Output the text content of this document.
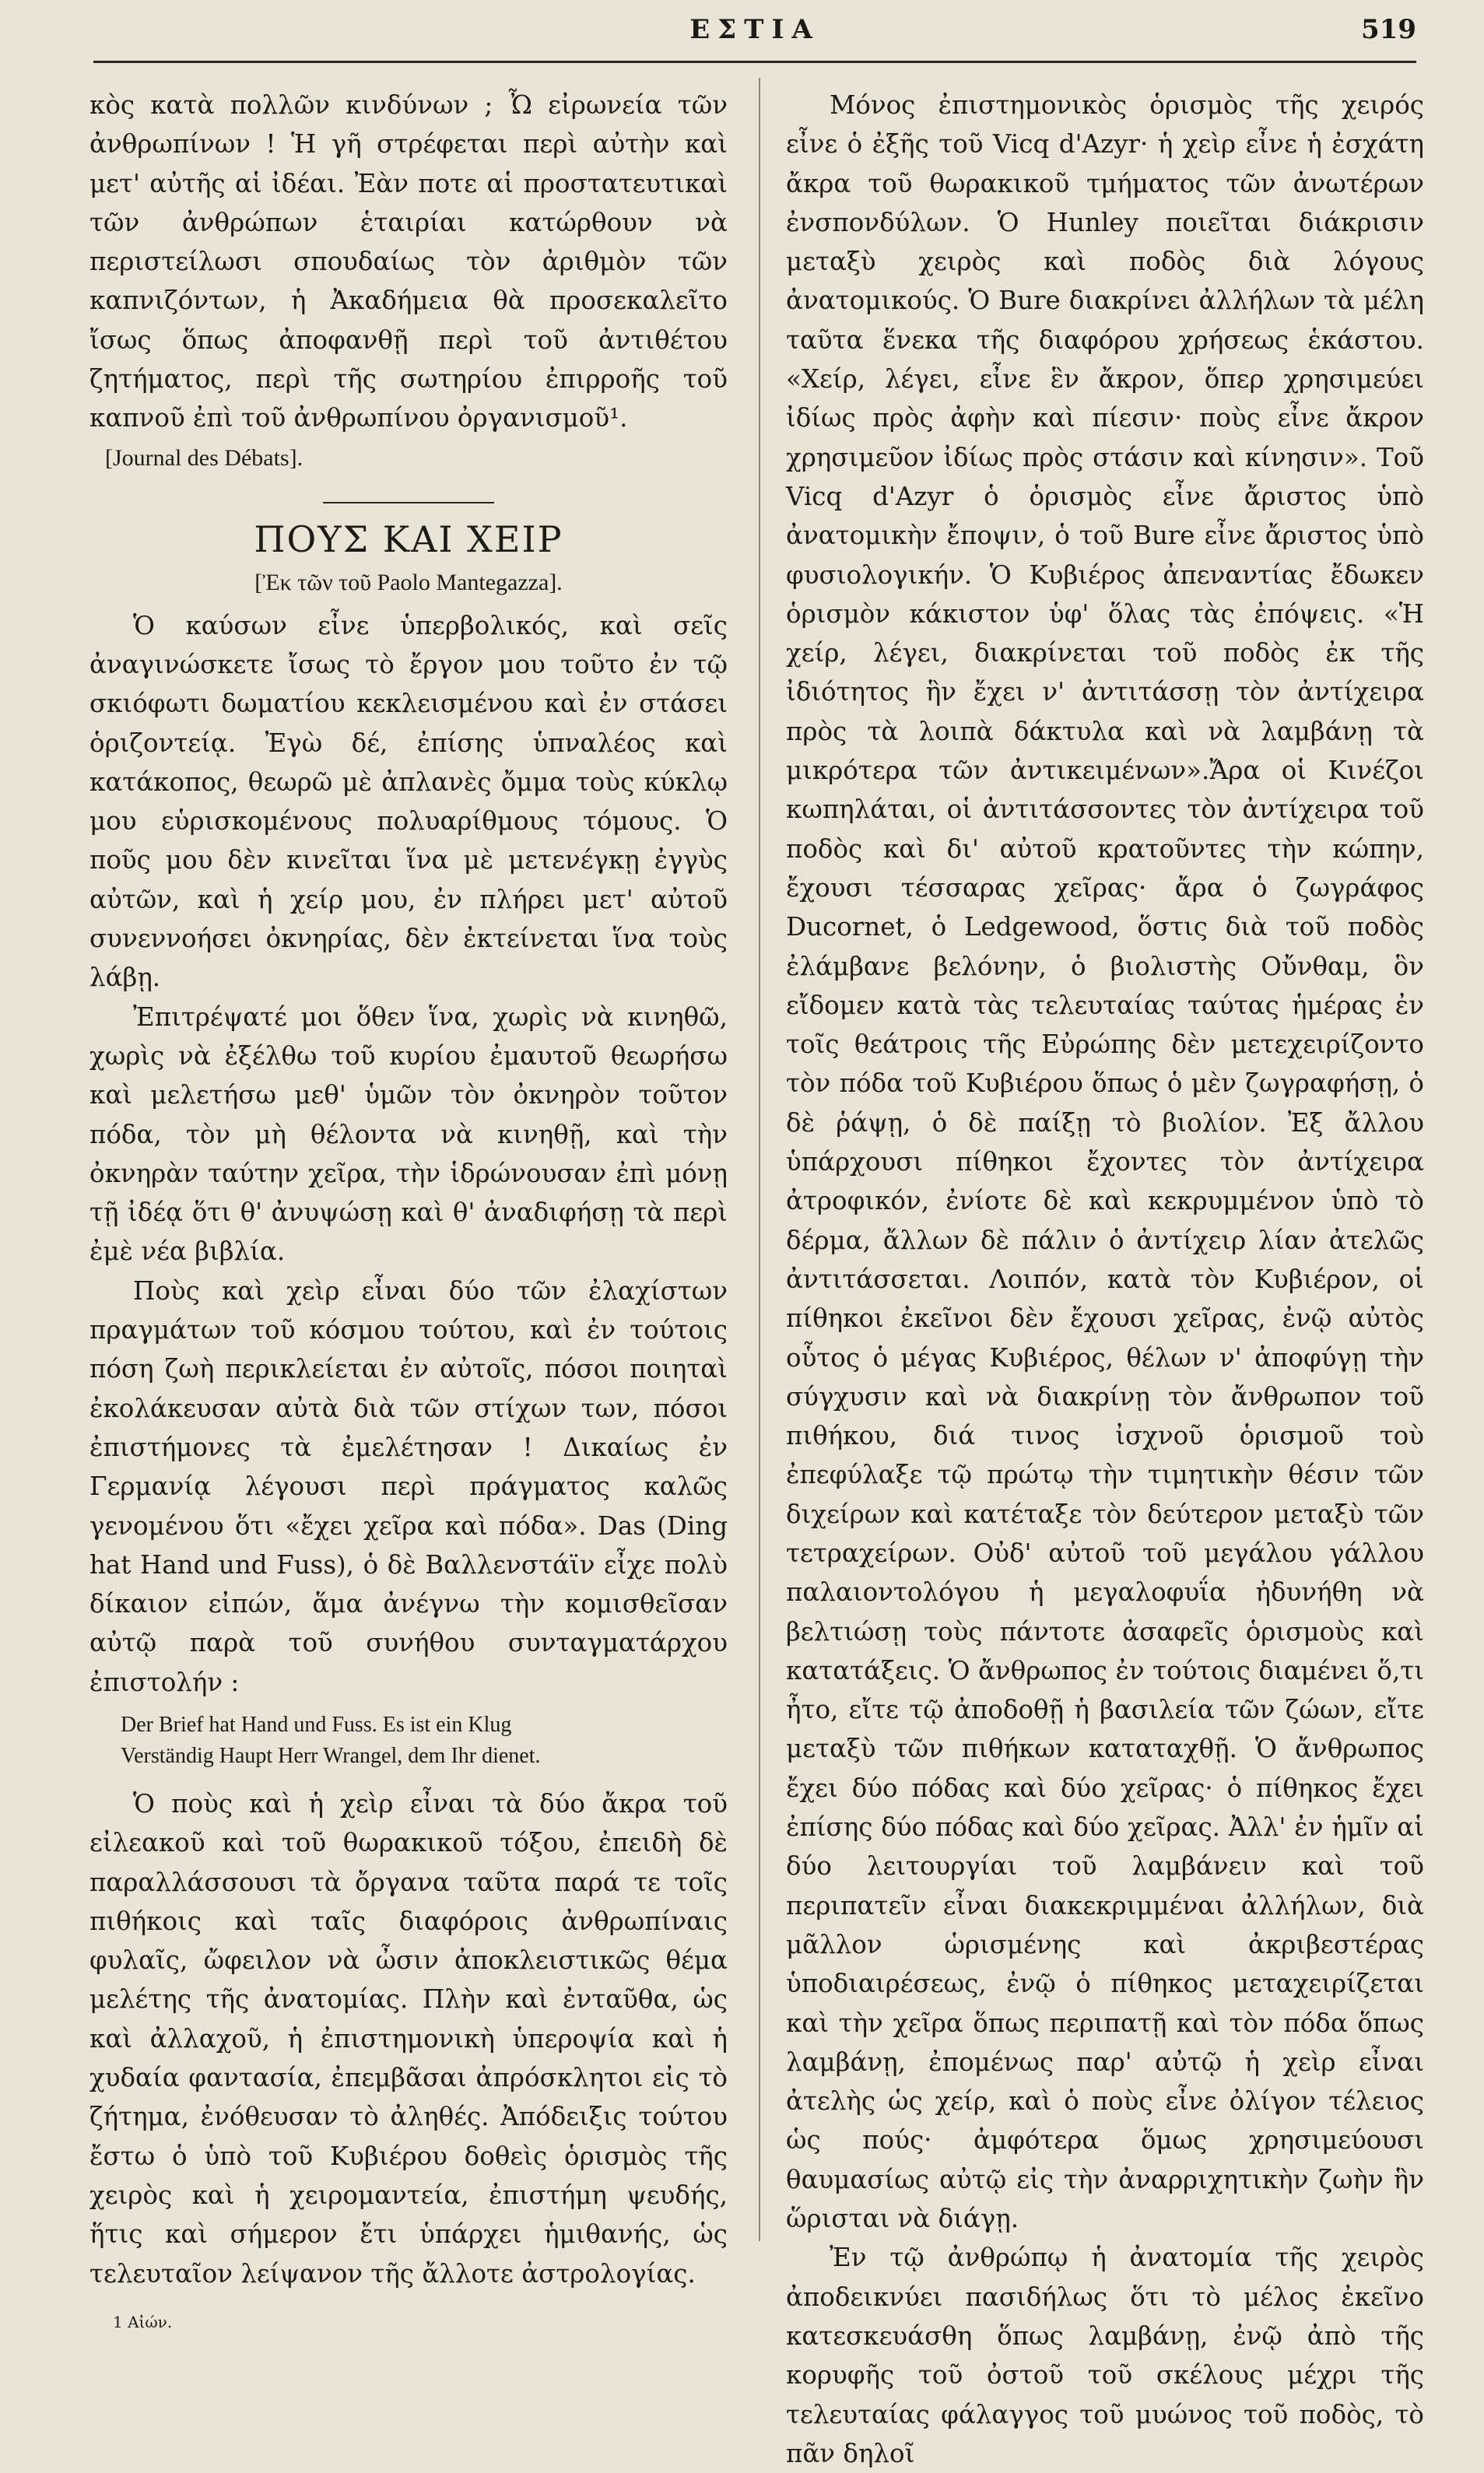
ΕΣΤΙΑ	519

κὸς κατὰ πολλῶν κινδύνων ; Ὦ εἰρωνεία τῶν ἀνθρωπίνων ! Ἡ γῆ στρέφεται περὶ αὐτὴν καὶ μετ' αὐτῆς αἱ ἰδέαι. Ἐὰν ποτε αἱ προστατευτικαὶ τῶν ἀνθρώπων ἑταιρίαι κατώρθουν νὰ περιστείλωσι σπουδαίως τὸν ἀριθμὸν τῶν καπνιζόντων, ἡ Ἀκαδήμεια θὰ προσεκαλεῖτο ἴσως ὅπως ἀποφανθῇ περὶ τοῦ ἀντιθέτου ζητήματος, περὶ τῆς σωτηρίου ἐπιρροῆς τοῦ καπνοῦ ἐπὶ τοῦ ἀνθρωπίνου ὀργανισμοῦ¹.

[Journal des Débats].

ΠΟΥΣ ΚΑΙ ΧΕΙΡ
[Ἐκ τῶν τοῦ Paolo Mantegazza].

Ὁ καύσων εἶνε ὑπερβολικός, καὶ σεῖς ἀναγινώσκετε ἴσως τὸ ἔργον μου τοῦτο ἐν τῷ σκιόφωτι δωματίου κεκλεισμένου καὶ ἐν στάσει ὁριζοντείᾳ. Ἐγὼ δέ, ἐπίσης ὑπναλέος καὶ κατάκοπος, θεωρῶ μὲ ἀπλανὲς ὄμμα τοὺς κύκλῳ μου εὑρισκομένους πολυαρίθμους τόμους. Ὁ ποῦς μου δὲν κινεῖται ἵνα μὲ μετενέγκῃ ἐγγὺς αὐτῶν, καὶ ἡ χείρ μου, ἐν πλήρει μετ' αὐτοῦ συνεννοήσει ὀκνηρίας, δὲν ἐκτείνεται ἵνα τοὺς λάβῃ.

Ἐπιτρέψατέ μοι ὅθεν ἵνα, χωρὶς νὰ κινηθῶ, χωρὶς νὰ ἐξέλθω τοῦ κυρίου ἐμαυτοῦ θεωρήσω καὶ μελετήσω μεθ' ὑμῶν τὸν ὀκνηρὸν τοῦτον πόδα, τὸν μὴ θέλοντα νὰ κινηθῇ, καὶ τὴν ὀκνηρὰν ταύτην χεῖρα, τὴν ἱδρώνουσαν ἐπὶ μόνῃ τῇ ἰδέᾳ ὅτι θ' ἀνυψώσῃ καὶ θ' ἀναδιφήσῃ τὰ περὶ ἐμὲ νέα βιβλία.

Ποὺς καὶ χεὶρ εἶναι δύο τῶν ἐλαχίστων πραγμάτων τοῦ κόσμου τούτου, καὶ ἐν τούτοις πόση ζωὴ περικλείεται ἐν αὐτοῖς, πόσοι ποιηταὶ ἐκολάκευσαν αὐτὰ διὰ τῶν στίχων των, πόσοι ἐπιστήμονες τὰ ἐμελέτησαν ! Δικαίως ἐν Γερμανίᾳ λέγουσι περὶ πράγματος καλῶς γενομένου ὅτι «ἔχει χεῖρα καὶ πόδα». Das (Ding hat Hand und Fuss), ὁ δὲ Βαλλενστάϊν εἶχε πολὺ δίκαιον εἰπών, ἅμα ἀνέγνω τὴν κομισθεῖσαν αὐτῷ παρὰ τοῦ συνήθου συνταγματάρχου ἐπιστολήν :

Der Brief hat Hand und Fuss. Es ist ein Klug
Verständig Haupt Herr Wrangel, dem Ihr dienet.

Ὁ ποὺς καὶ ἡ χεὶρ εἶναι τὰ δύο ἄκρα τοῦ εἰλεακοῦ καὶ τοῦ θωρακικοῦ τόξου, ἐπειδὴ δὲ παραλλάσσουσι τὰ ὄργανα ταῦτα παρά τε τοῖς πιθήκοις καὶ ταῖς διαφόροις ἀνθρωπίναις φυλαῖς, ὤφειλον νὰ ὦσιν ἀποκλειστικῶς θέμα μελέτης τῆς ἀνατομίας. Πλὴν καὶ ἐνταῦθα, ὡς καὶ ἀλλαχοῦ, ἡ ἐπιστημονικὴ ὑπεροψία καὶ ἡ χυδαία φαντασία, ἐπεμβᾶσαι ἀπρόσκλητοι εἰς τὸ ζήτημα, ἐνόθευσαν τὸ ἀληθές. Ἀπόδειξις τούτου ἔστω ὁ ὑπὸ τοῦ Κυβιέρου δοθεὶς ὁρισμὸς τῆς χειρὸς καὶ ἡ χειρομαντεία, ἐπιστήμη ψευδής, ἥτις καὶ σήμερον ἔτι ὑπάρχει ἡμιθανής, ὡς τελευταῖον λείψανον τῆς ἄλλοτε ἀστρολογίας.

1 Αἰών.

Μόνος ἐπιστημονικὸς ὁρισμὸς τῆς χειρός εἶνε ὁ ἐξῆς τοῦ Vicq d'Azyr· ἡ χεὶρ εἶνε ἡ ἐσχάτη ἄκρα τοῦ θωρακικοῦ τμήματος τῶν ἀνωτέρων ἐνσπονδύλων. Ὁ Hunley ποιεῖται διάκρισιν μεταξὺ χειρὸς καὶ ποδὸς διὰ λόγους ἀνατομικούς. Ὁ Bure διακρίνει ἀλλήλων τὰ μέλη ταῦτα ἕνεκα τῆς διαφόρου χρήσεως ἑκάστου. «Χείρ, λέγει, εἶνε ἓν ἄκρον, ὅπερ χρησιμεύει ἰδίως πρὸς ἀφὴν καὶ πίεσιν· ποὺς εἶνε ἄκρον χρησιμεῦον ἰδίως πρὸς στάσιν καὶ κίνησιν». Τοῦ Vicq d'Azyr ὁ ὁρισμὸς εἶνε ἄριστος ὑπὸ ἀνατομικὴν ἔποψιν, ὁ τοῦ Bure εἶνε ἄριστος ὑπὸ φυσιολογικήν. Ὁ Κυβιέρος ἀπεναντίας ἔδωκεν ὁρισμὸν κάκιστον ὑφ' ὅλας τὰς ἐπόψεις. «Ἡ χείρ, λέγει, διακρίνεται τοῦ ποδὸς ἐκ τῆς ἰδιότητος ἣν ἔχει ν' ἀντιτάσσῃ τὸν ἀντίχειρα πρὸς τὰ λοιπὰ δάκτυλα καὶ νὰ λαμβάνῃ τὰ μικρότερα τῶν ἀντικειμένων».Ἄρα οἱ Κινέζοι κωπηλάται, οἱ ἀντιτάσσοντες τὸν ἀντίχειρα τοῦ ποδὸς καὶ δι' αὐτοῦ κρατοῦντες τὴν κώπην, ἔχουσι τέσσαρας χεῖρας· ἄρα ὁ ζωγράφος Ducornet, ὁ Ledgewood, ὅστις διὰ τοῦ ποδὸς ἐλάμβανε βελόνην, ὁ βιολιστὴς Οὔνθαμ, ὃν εἴδομεν κατὰ τὰς τελευταίας ταύτας ἡμέρας ἐν τοῖς θεάτροις τῆς Εὐρώπης δὲν μετεχειρίζοντο τὸν πόδα τοῦ Κυβιέρου ὅπως ὁ μὲν ζωγραφήσῃ, ὁ δὲ ῥάψῃ, ὁ δὲ παίξῃ τὸ βιολίον. Ἐξ ἄλλου ὑπάρχουσι πίθηκοι ἔχοντες τὸν ἀντίχειρα ἀτροφικόν, ἐνίοτε δὲ καὶ κεκρυμμένον ὑπὸ τὸ δέρμα, ἄλλων δὲ πάλιν ὁ ἀντίχειρ λίαν ἀτελῶς ἀντιτάσσεται. Λοιπόν, κατὰ τὸν Κυβιέρον, οἱ πίθηκοι ἐκεῖνοι δὲν ἔχουσι χεῖρας, ἐνῷ αὐτὸς οὗτος ὁ μέγας Κυβιέρος, θέλων ν' ἀποφύγῃ τὴν σύγχυσιν καὶ νὰ διακρίνῃ τὸν ἄνθρωπον τοῦ πιθήκου, διά τινος ἰσχνοῦ ὁρισμοῦ τοὺ ἐπεφύλαξε τῷ πρώτῳ τὴν τιμητικὴν θέσιν τῶν διχείρων καὶ κατέταξε τὸν δεύτερον μεταξὺ τῶν τετραχείρων. Οὐδ' αὐτοῦ τοῦ μεγάλου γάλλου παλαιοντολόγου ἡ μεγαλοφυΐα ἠδυνήθη νὰ βελτιώσῃ τοὺς πάντοτε ἀσαφεῖς ὁρισμοὺς καὶ κατατάξεις. Ὁ ἄνθρωπος ἐν τούτοις διαμένει ὅ,τι ἦτο, εἴτε τῷ ἀποδοθῇ ἡ βασιλεία τῶν ζώων, εἴτε μεταξὺ τῶν πιθήκων καταταχθῇ. Ὁ ἄνθρωπος ἔχει δύο πόδας καὶ δύο χεῖρας· ὁ πίθηκος ἔχει ἐπίσης δύο πόδας καὶ δύο χεῖρας. Ἀλλ' ἐν ἡμῖν αἱ δύο λειτουργίαι τοῦ λαμβάνειν καὶ τοῦ περιπατεῖν εἶναι διακεκριμμέναι ἀλλήλων, διὰ μᾶλλον ὡρισμένης καὶ ἀκριβεστέρας ὑποδιαιρέσεως, ἐνῷ ὁ πίθηκος μεταχειρίζεται καὶ τὴν χεῖρα ὅπως περιπατῇ καὶ τὸν πόδα ὅπως λαμβάνῃ, ἐπομένως παρ' αὐτῷ ἡ χεὶρ εἶναι ἀτελὴς ὡς χείρ, καὶ ὁ ποὺς εἶνε ὀλίγον τέλειος ὡς πούς· ἀμφότερα ὅμως χρησιμεύουσι θαυμασίως αὐτῷ εἰς τὴν ἀναρριχητικὴν ζωὴν ἣν ὥρισται νὰ διάγῃ.

Ἐν τῷ ἀνθρώπῳ ἡ ἀνατομία τῆς χειρὸς ἀποδεικνύει πασιδήλως ὅτι τὸ μέλος ἐκεῖνο κατεσκευάσθη ὅπως λαμβάνῃ, ἐνῷ ἀπὸ τῆς κορυφῆς τοῦ ὀστοῦ τοῦ σκέλους μέχρι τῆς τελευταίας φάλαγγος τοῦ μυώνος τοῦ ποδὸς, τὸ πᾶν δηλοῖ
